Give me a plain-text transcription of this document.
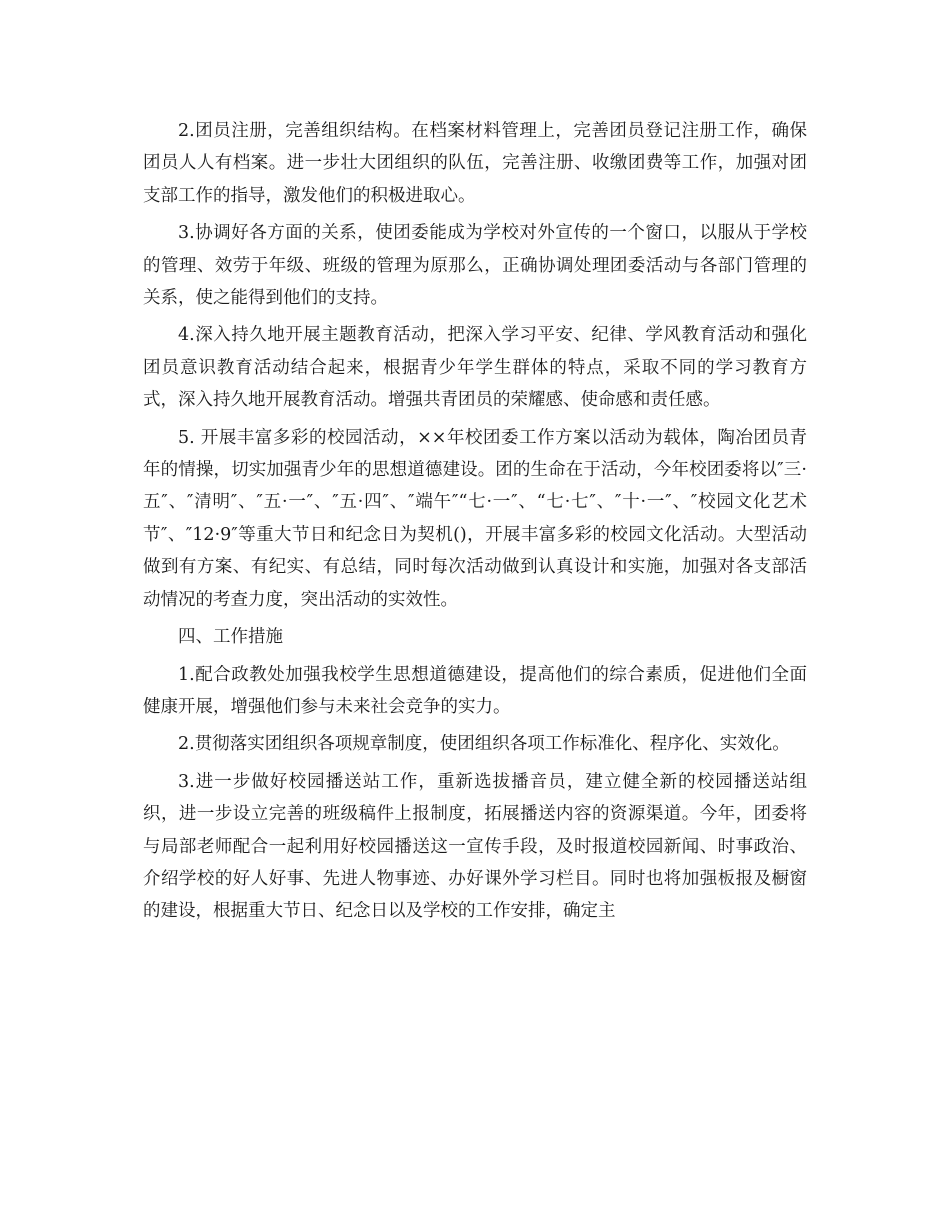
2.团员注册，完善组织结构。在档案材料管理上，完善团员登记注册工作，确保团员人人有档案。进一步壮大团组织的队伍，完善注册、收缴团费等工作，加强对团支部工作的指导，激发他们的积极进取心。

3.协调好各方面的关系，使团委能成为学校对外宣传的一个窗口，以服从于学校的管理、效劳于年级、班级的管理为原那么，正确协调处理团委活动与各部门管理的关系，使之能得到他们的支持。

4.深入持久地开展主题教育活动，把深入学习平安、纪律、学风教育活动和强化团员意识教育活动结合起来，根据青少年学生群体的特点，采取不同的学习教育方式，深入持久地开展教育活动。增强共青团员的荣耀感、使命感和责任感。

5. 开展丰富多彩的校园活动，××年校团委工作方案以活动为载体，陶冶团员青年的情操，切实加强青少年的思想道德建设。团的生命在于活动，今年校团委将以″三·五″、″清明″、″五·一″、″五·四″、″端午″“七·一″、“七·七″、″十·一″、″校园文化艺术节″、″12·9″等重大节日和纪念日为契机()，开展丰富多彩的校园文化活动。大型活动做到有方案、有纪实、有总结，同时每次活动做到认真设计和实施，加强对各支部活动情况的考查力度，突出活动的实效性。

四、工作措施

1.配合政教处加强我校学生思想道德建设，提高他们的综合素质，促进他们全面健康开展，增强他们参与未来社会竞争的实力。

2.贯彻落实团组织各项规章制度，使团组织各项工作标准化、程序化、实效化。

3.进一步做好校园播送站工作，重新选拔播音员，建立健全新的校园播送站组织，进一步设立完善的班级稿件上报制度，拓展播送内容的资源渠道。今年，团委将与局部老师配合一起利用好校园播送这一宣传手段，及时报道校园新闻、时事政治、介绍学校的好人好事、先进人物事迹、办好课外学习栏目。同时也将加强板报及橱窗的建设，根据重大节日、纪念日以及学校的工作安排，确定主
